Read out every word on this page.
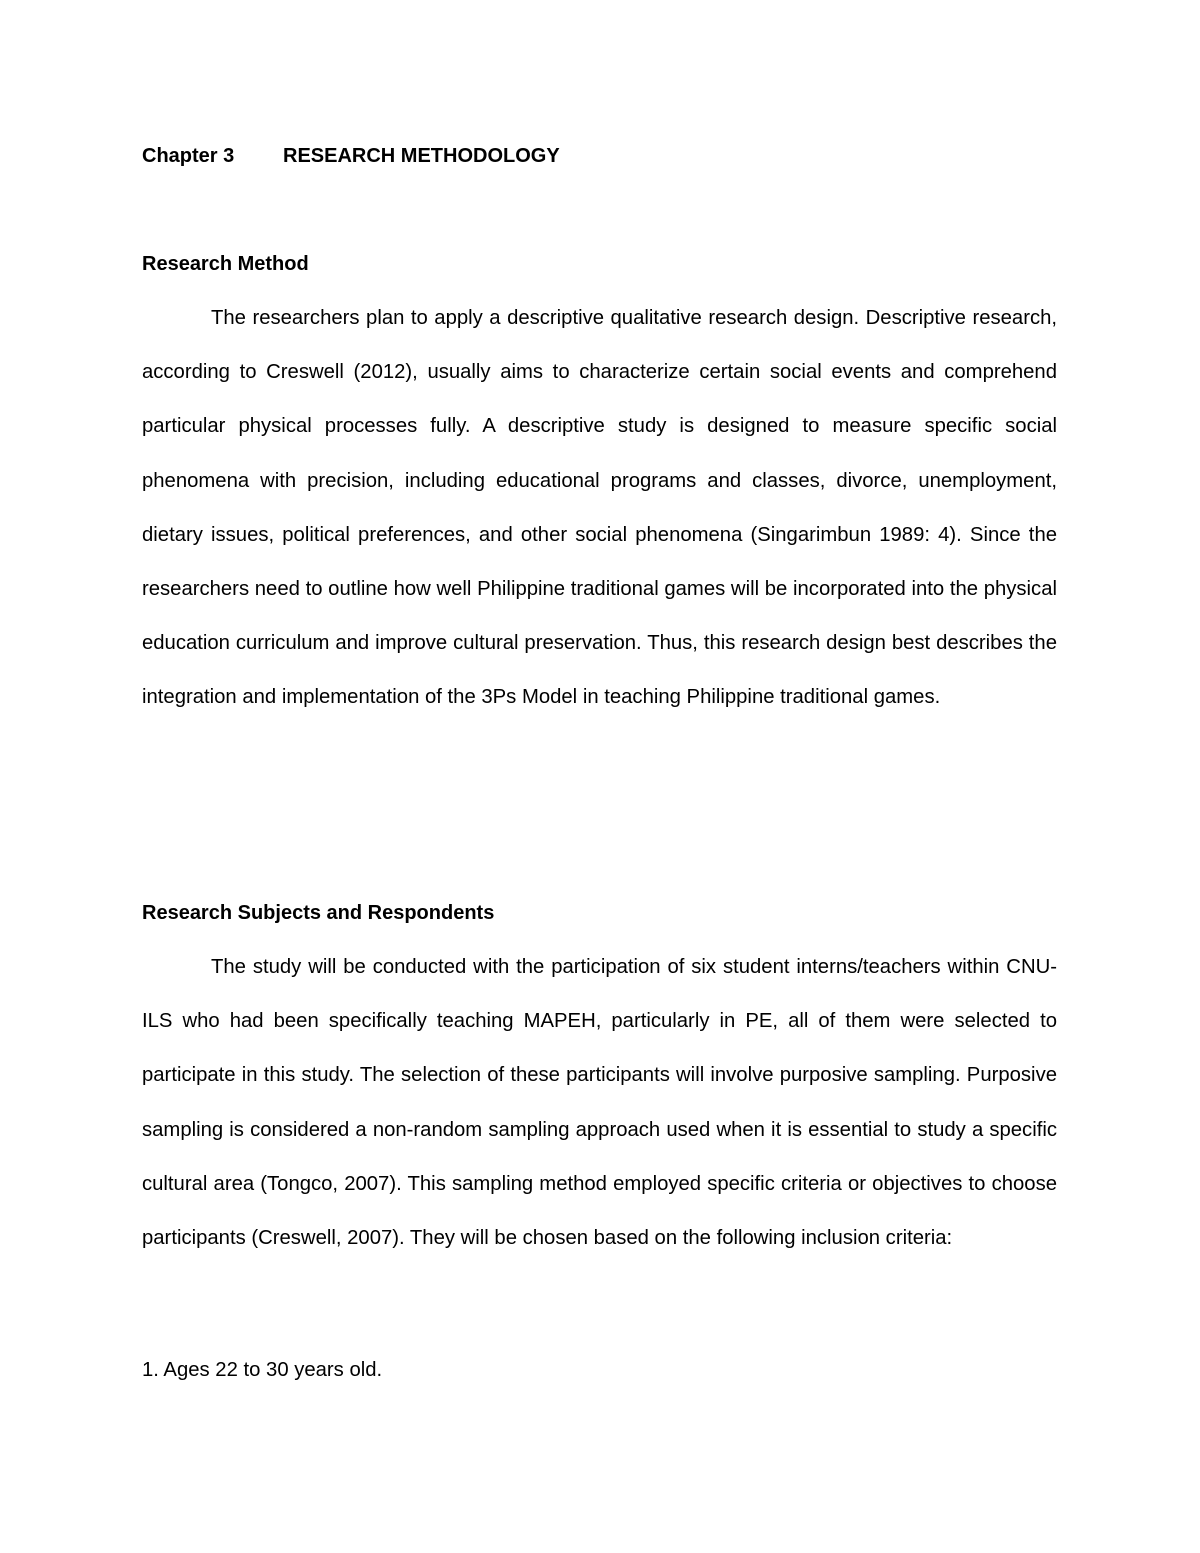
Chapter 3 RESEARCH METHODOLOGY
Research Method

The researchers plan to apply a descriptive qualitative research design. Descriptive research, according to Creswell (2012), usually aims to characterize certain social events and comprehend particular physical processes fully. A descriptive study is designed to measure specific social phenomena with precision, including educational programs and classes, divorce, unemployment, dietary issues, political preferences, and other social phenomena (Singarimbun 1989: 4). Since the researchers need to outline how well Philippine traditional games will be incorporated into the physical education curriculum and improve cultural preservation. Thus, this research design best describes the integration and implementation of the 3Ps Model in teaching Philippine traditional games.

Research Subjects and Respondents

The study will be conducted with the participation of six student interns/teachers within CNU-ILS who had been specifically teaching MAPEH, particularly in PE, all of them were selected to participate in this study. The selection of these participants will involve purposive sampling. Purposive sampling is considered a non-random sampling approach used when it is essential to study a specific cultural area (Tongco, 2007). This sampling method employed specific criteria or objectives to choose participants (Creswell, 2007). They will be chosen based on the following inclusion criteria:

1. Ages 22 to 30 years old.
